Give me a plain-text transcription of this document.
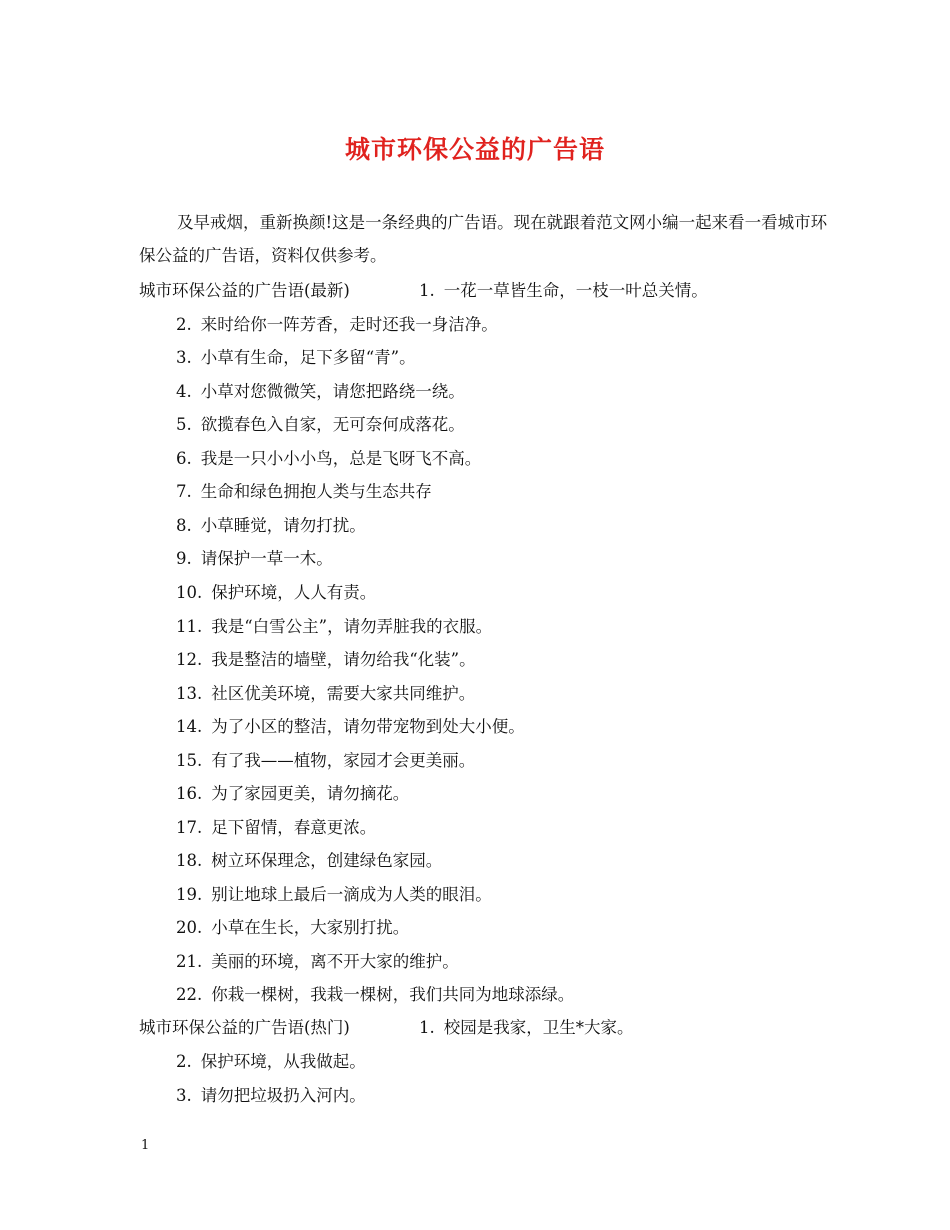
城市环保公益的广告语
及早戒烟，重新换颜!这是一条经典的广告语。现在就跟着范文网小编一起来看一看城市环保公益的广告语，资料仅供参考。
城市环保公益的广告语(最新)	1. 一花一草皆生命，一枝一叶总关情。
2. 来时给你一阵芳香，走时还我一身洁净。
3. 小草有生命，足下多留“青”。
4. 小草对您微微笑，请您把路绕一绕。
5. 欲揽春色入自家，无可奈何成落花。
6. 我是一只小小小鸟，总是飞呀飞不高。
7. 生命和绿色拥抱人类与生态共存
8. 小草睡觉，请勿打扰。
9. 请保护一草一木。
10. 保护环境，人人有责。
11. 我是“白雪公主”，请勿弄脏我的衣服。
12. 我是整洁的墙壁，请勿给我“化装”。
13. 社区优美环境，需要大家共同维护。
14. 为了小区的整洁，请勿带宠物到处大小便。
15. 有了我——植物，家园才会更美丽。
16. 为了家园更美，请勿摘花。
17. 足下留情，春意更浓。
18. 树立环保理念，创建绿色家园。
19. 别让地球上最后一滴成为人类的眼泪。
20. 小草在生长，大家别打扰。
21. 美丽的环境，离不开大家的维护。
22. 你栽一棵树，我栽一棵树，我们共同为地球添绿。
城市环保公益的广告语(热门)	1. 校园是我家，卫生*大家。
2. 保护环境，从我做起。
3. 请勿把垃圾扔入河内。
1
